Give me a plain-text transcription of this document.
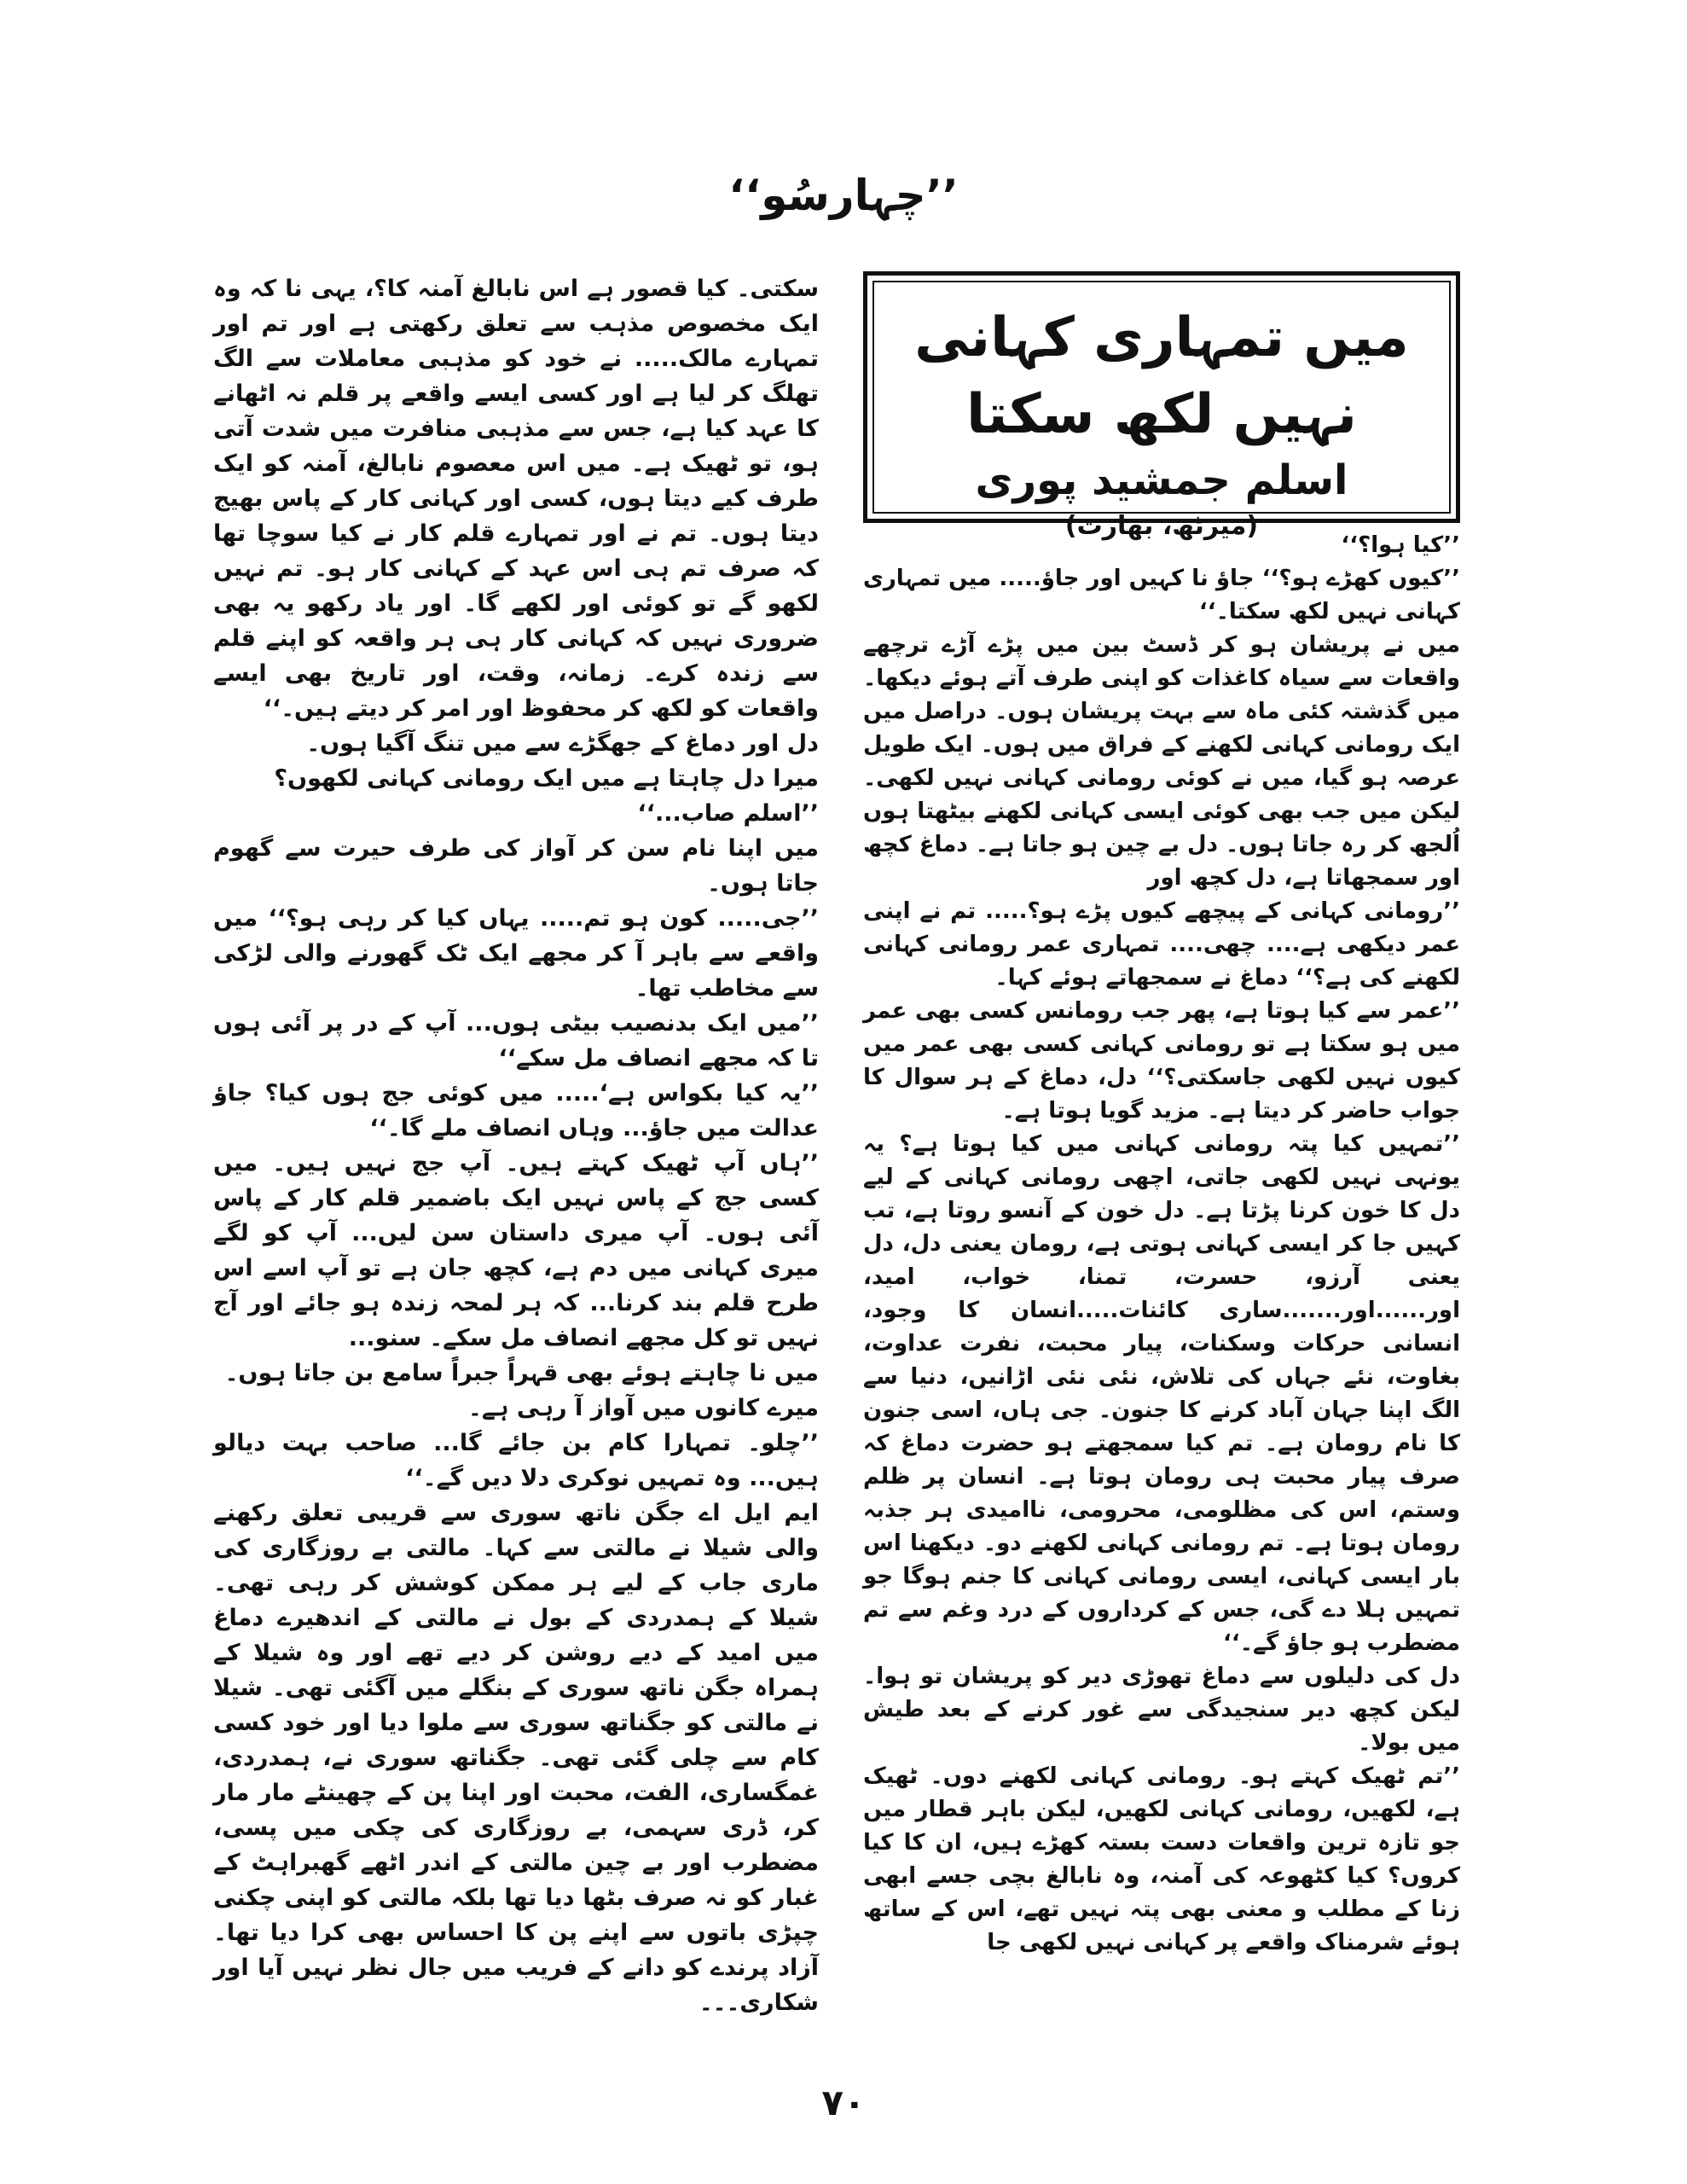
’’چہارسُو‘‘
میں تمہاری کہانی نہیں لکھ سکتا
اسلم جمشید پوری
(میرٹھ، بھارت)

’’کیا ہوا؟‘‘

’’کیوں کھڑے ہو؟‘‘ جاؤ نا کہیں اور جاؤ..... میں تمہاری کہانی نہیں لکھ سکتا۔‘‘

میں نے پریشان ہو کر ڈسٹ بین میں پڑے آڑے ترچھے واقعات سے سیاہ کاغذات کو اپنی طرف آتے ہوئے دیکھا۔ میں گذشتہ کئی ماہ سے بہت پریشان ہوں۔ دراصل میں ایک رومانی کہانی لکھنے کے فراق میں ہوں۔ ایک طویل عرصہ ہو گیا، میں نے کوئی رومانی کہانی نہیں لکھی۔ لیکن میں جب بھی کوئی ایسی کہانی لکھنے بیٹھتا ہوں اُلجھ کر رہ جاتا ہوں۔ دل بے چین ہو جاتا ہے۔ دماغ کچھ اور سمجھاتا ہے، دل کچھ اور

’’رومانی کہانی کے پیچھے کیوں پڑے ہو؟..... تم نے اپنی عمر دیکھی ہے.... چھی.... تمہاری عمر رومانی کہانی لکھنے کی ہے؟‘‘ دماغ نے سمجھاتے ہوئے کہا۔

’’عمر سے کیا ہوتا ہے، پھر جب رومانس کسی بھی عمر میں ہو سکتا ہے تو رومانی کہانی کسی بھی عمر میں کیوں نہیں لکھی جاسکتی؟‘‘ دل، دماغ کے ہر سوال کا جواب حاضر کر دیتا ہے۔ مزید گویا ہوتا ہے۔

’’تمہیں کیا پتہ رومانی کہانی میں کیا ہوتا ہے؟ یہ یونہی نہیں لکھی جاتی، اچھی رومانی کہانی کے لیے دل کا خون کرنا پڑتا ہے۔ دل خون کے آنسو روتا ہے، تب کہیں جا کر ایسی کہانی ہوتی ہے، رومان یعنی دل، دل یعنی آرزو، حسرت، تمنا، خواب، امید، اور......اور.......ساری کائنات.....انسان کا وجود، انسانی حرکات وسکنات، پیار محبت، نفرت عداوت، بغاوت، نئے جہاں کی تلاش، نئی نئی اڑانیں، دنیا سے الگ اپنا جہان آباد کرنے کا جنون۔ جی ہاں، اسی جنون کا نام رومان ہے۔ تم کیا سمجھتے ہو حضرت دماغ کہ صرف پیار محبت ہی رومان ہوتا ہے۔ انسان پر ظلم وستم، اس کی مظلومی، محرومی، ناامیدی ہر جذبہ رومان ہوتا ہے۔ تم رومانی کہانی لکھنے دو۔ دیکھنا اس بار ایسی کہانی، ایسی رومانی کہانی کا جنم ہوگا جو تمہیں ہلا دے گی، جس کے کرداروں کے درد وغم سے تم مضطرب ہو جاؤ گے۔‘‘

دل کی دلیلوں سے دماغ تھوڑی دیر کو پریشان تو ہوا۔ لیکن کچھ دیر سنجیدگی سے غور کرنے کے بعد طیش میں بولا۔

’’تم ٹھیک کہتے ہو۔ رومانی کہانی لکھنے دوں۔ ٹھیک ہے، لکھیں، رومانی کہانی لکھیں، لیکن باہر قطار میں جو تازہ ترین واقعات دست بستہ کھڑے ہیں، ان کا کیا کروں؟ کیا کٹھوعہ کی آمنہ، وہ نابالغ بچی جسے ابھی زنا کے مطلب و معنی بھی پتہ نہیں تھے، اس کے ساتھ ہوئے شرمناک واقعے پر کہانی نہیں لکھی جا

سکتی۔ کیا قصور ہے اس نابالغ آمنہ کا؟، یہی نا کہ وہ ایک مخصوص مذہب سے تعلق رکھتی ہے اور تم اور تمہارے مالک..... نے خود کو مذہبی معاملات سے الگ تھلگ کر لیا ہے اور کسی ایسے واقعے پر قلم نہ اٹھانے کا عہد کیا ہے، جس سے مذہبی منافرت میں شدت آتی ہو، تو ٹھیک ہے۔ میں اس معصوم نابالغ، آمنہ کو ایک طرف کیے دیتا ہوں، کسی اور کہانی کار کے پاس بھیج دیتا ہوں۔ تم نے اور تمہارے قلم کار نے کیا سوچا تھا کہ صرف تم ہی اس عہد کے کہانی کار ہو۔ تم نہیں لکھو گے تو کوئی اور لکھے گا۔ اور یاد رکھو یہ بھی ضروری نہیں کہ کہانی کار ہی ہر واقعہ کو اپنے قلم سے زندہ کرے۔ زمانہ، وقت، اور تاریخ بھی ایسے واقعات کو لکھ کر محفوظ اور امر کر دیتے ہیں۔‘‘

دل اور دماغ کے جھگڑے سے میں تنگ آگیا ہوں۔

میرا دل چاہتا ہے میں ایک رومانی کہانی لکھوں؟

’’اسلم صاب...‘‘

میں اپنا نام سن کر آواز کی طرف حیرت سے گھوم جاتا ہوں۔

’’جی..... کون ہو تم..... یہاں کیا کر رہی ہو؟‘‘ میں واقعے سے باہر آ کر مجھے ایک ٹک گھورنے والی لڑکی سے مخاطب تھا۔

’’میں ایک بدنصیب بیٹی ہوں... آپ کے در پر آئی ہوں تا کہ مجھے انصاف مل سکے‘‘

’’یہ کیا بکواس ہے‘..... میں کوئی جج ہوں کیا؟ جاؤ عدالت میں جاؤ... وہاں انصاف ملے گا۔‘‘

’’ہاں آپ ٹھیک کہتے ہیں۔ آپ جج نہیں ہیں۔ میں کسی جج کے پاس نہیں ایک باضمیر قلم کار کے پاس آئی ہوں۔ آپ میری داستان سن لیں... آپ کو لگے میری کہانی میں دم ہے، کچھ جان ہے تو آپ اسے اس طرح قلم بند کرنا... کہ ہر لمحہ زندہ ہو جائے اور آج نہیں تو کل مجھے انصاف مل سکے۔ سنو...

میں نا چاہتے ہوئے بھی قہراً جبراً سامع بن جاتا ہوں۔

میرے کانوں میں آواز آ رہی ہے۔

’’چلو۔ تمہارا کام بن جائے گا... صاحب بہت دیالو ہیں... وہ تمہیں نوکری دلا دیں گے۔‘‘

ایم ایل اے جگن ناتھ سوری سے قریبی تعلق رکھنے والی شیلا نے مالتی سے کہا۔ مالتی بے روزگاری کی ماری جاب کے لیے ہر ممکن کوشش کر رہی تھی۔ شیلا کے ہمدردی کے بول نے مالتی کے اندھیرے دماغ میں امید کے دیے روشن کر دیے تھے اور وہ شیلا کے ہمراہ جگن ناتھ سوری کے بنگلے میں آگئی تھی۔ شیلا نے مالتی کو جگناتھ سوری سے ملوا دیا اور خود کسی کام سے چلی گئی تھی۔ جگناتھ سوری نے، ہمدردی، غمگساری، الفت، محبت اور اپنا پن کے چھینٹے مار مار کر، ڈری سہمی، بے روزگاری کی چکی میں پسی، مضطرب اور بے چین مالتی کے اندر اٹھے گھبراہٹ کے غبار کو نہ صرف بٹھا دیا تھا بلکہ مالتی کو اپنی چکنی چپڑی باتوں سے اپنے پن کا احساس بھی کرا دیا تھا۔ آزاد پرندے کو دانے کے فریب میں جال نظر نہیں آیا اور شکاری۔۔۔

۷۰
